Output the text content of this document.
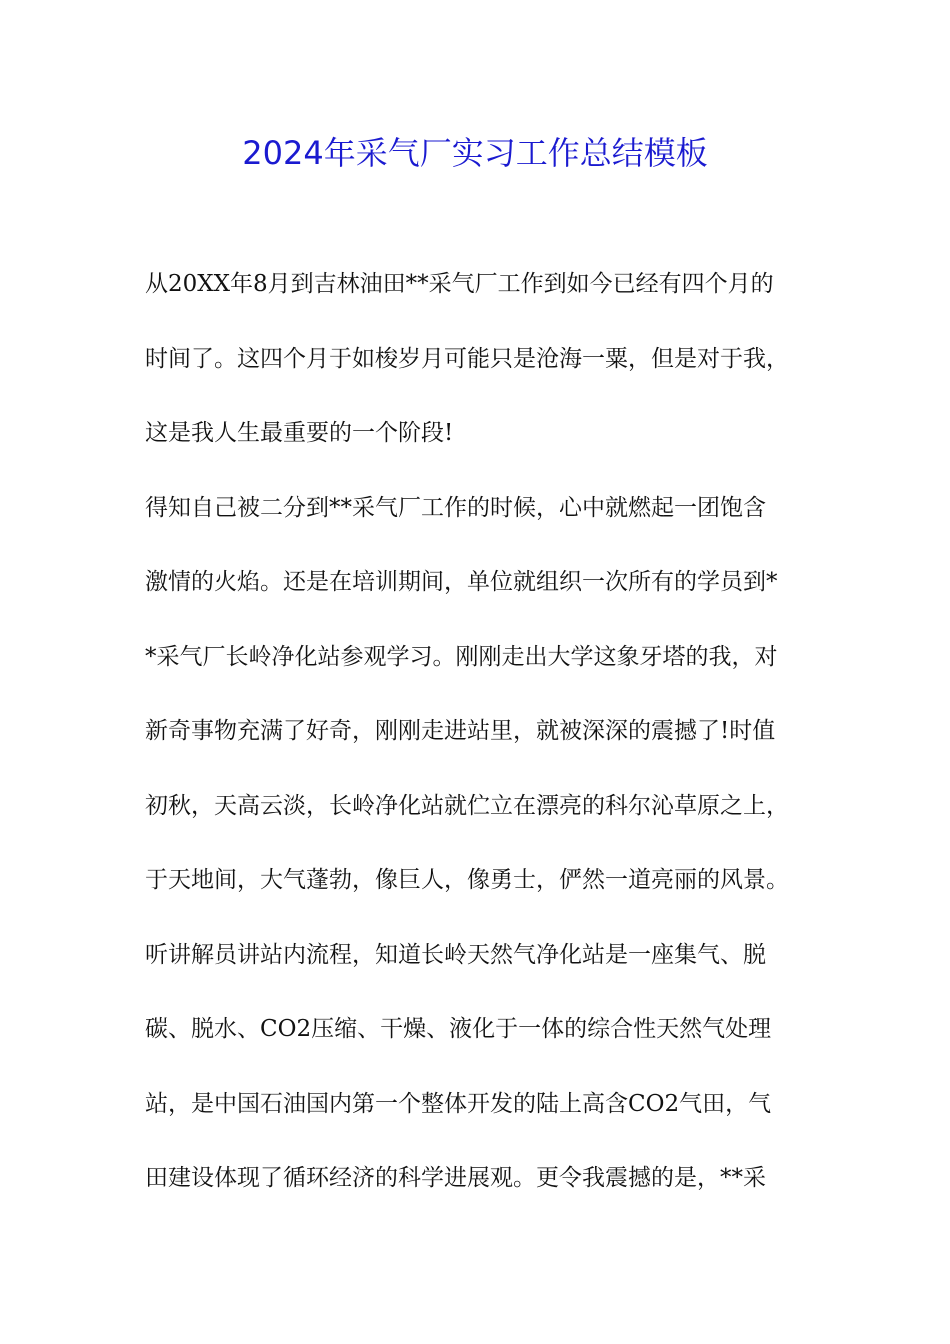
2024年采气厂实习工作总结模板
从20XX年8月到吉林油田**采气厂工作到如今已经有四个月的
时间了。这四个月于如梭岁月可能只是沧海一粟，但是对于我，
这是我人生最重要的一个阶段!
得知自己被二分到**采气厂工作的时候，心中就燃起一团饱含
激情的火焰。还是在培训期间，单位就组织一次所有的学员到*
*采气厂长岭净化站参观学习。刚刚走出大学这象牙塔的我，对
新奇事物充满了好奇，刚刚走进站里，就被深深的震撼了!时值
初秋，天高云淡，长岭净化站就伫立在漂亮的科尔沁草原之上，
于天地间，大气蓬勃，像巨人，像勇士，俨然一道亮丽的风景。
听讲解员讲站内流程，知道长岭天然气净化站是一座集气、脱
碳、脱水、CO2压缩、干燥、液化于一体的综合性天然气处理
站，是中国石油国内第一个整体开发的陆上高含CO2气田，气
田建设体现了循环经济的科学进展观。更令我震撼的是，**采
